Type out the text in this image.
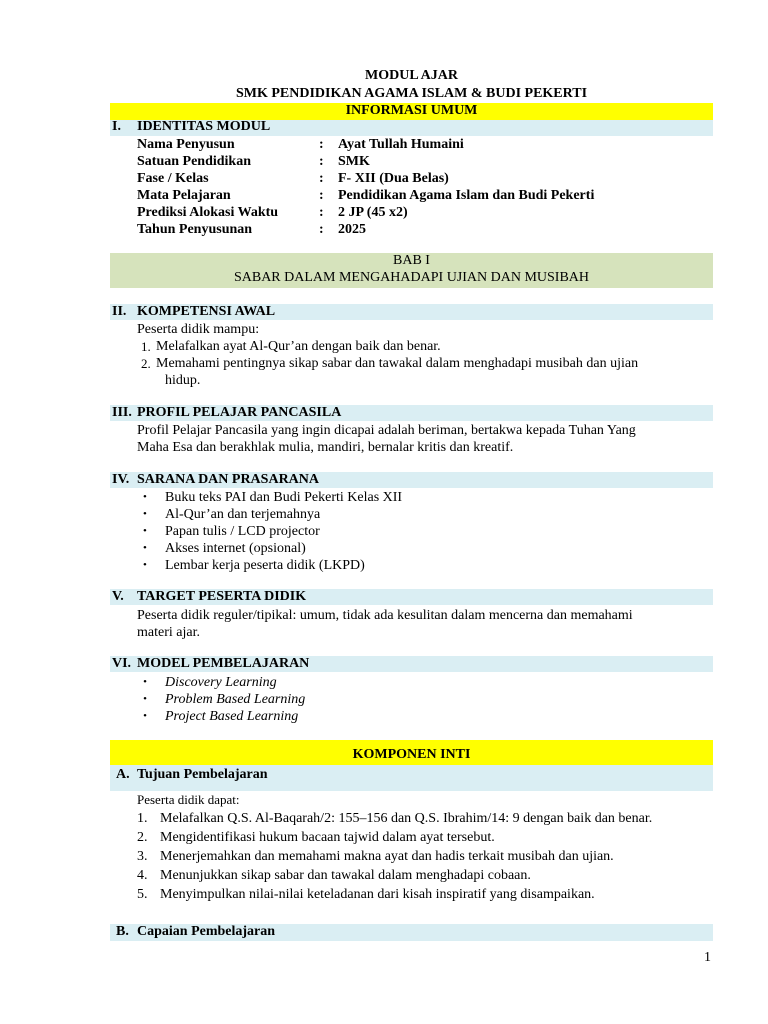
MODUL AJAR
SMK PENDIDIKAN AGAMA ISLAM & BUDI PEKERTI
INFORMASI UMUM
I. IDENTITAS MODUL
Nama Penyusun	: Ayat Tullah Humaini
Satuan Pendidikan	: SMK
Fase / Kelas	: F- XII (Dua Belas)
Mata Pelajaran	: Pendidikan Agama Islam dan Budi Pekerti
Prediksi Alokasi Waktu	: 2 JP (45 x2)
Tahun Penyusunan	: 2025
BAB I
SABAR DALAM MENGAHADAPI UJIAN DAN MUSIBAH
II. KOMPETENSI AWAL
Peserta didik mampu:
1. Melafalkan ayat Al-Qur’an dengan baik dan benar.
2. Memahami pentingnya sikap sabar dan tawakal dalam menghadapi musibah dan ujian
hidup.
III. PROFIL PELAJAR PANCASILA
Profil Pelajar Pancasila yang ingin dicapai adalah beriman, bertakwa kepada Tuhan Yang
Maha Esa dan berakhlak mulia, mandiri, bernalar kritis dan kreatif.
IV. SARANA DAN PRASARANA
• Buku teks PAI dan Budi Pekerti Kelas XII
• Al-Qur’an dan terjemahnya
• Papan tulis / LCD projector
• Akses internet (opsional)
• Lembar kerja peserta didik (LKPD)
V. TARGET PESERTA DIDIK
Peserta didik reguler/tipikal: umum, tidak ada kesulitan dalam mencerna dan memahami
materi ajar.
VI. MODEL PEMBELAJARAN
• Discovery Learning
• Problem Based Learning
• Project Based Learning
KOMPONEN INTI
A. Tujuan Pembelajaran
Peserta didik dapat:
1. Melafalkan Q.S. Al-Baqarah/2: 155–156 dan Q.S. Ibrahim/14: 9 dengan baik dan benar.
2. Mengidentifikasi hukum bacaan tajwid dalam ayat tersebut.
3. Menerjemahkan dan memahami makna ayat dan hadis terkait musibah dan ujian.
4. Menunjukkan sikap sabar dan tawakal dalam menghadapi cobaan.
5. Menyimpulkan nilai-nilai keteladanan dari kisah inspiratif yang disampaikan.
B. Capaian Pembelajaran
1
